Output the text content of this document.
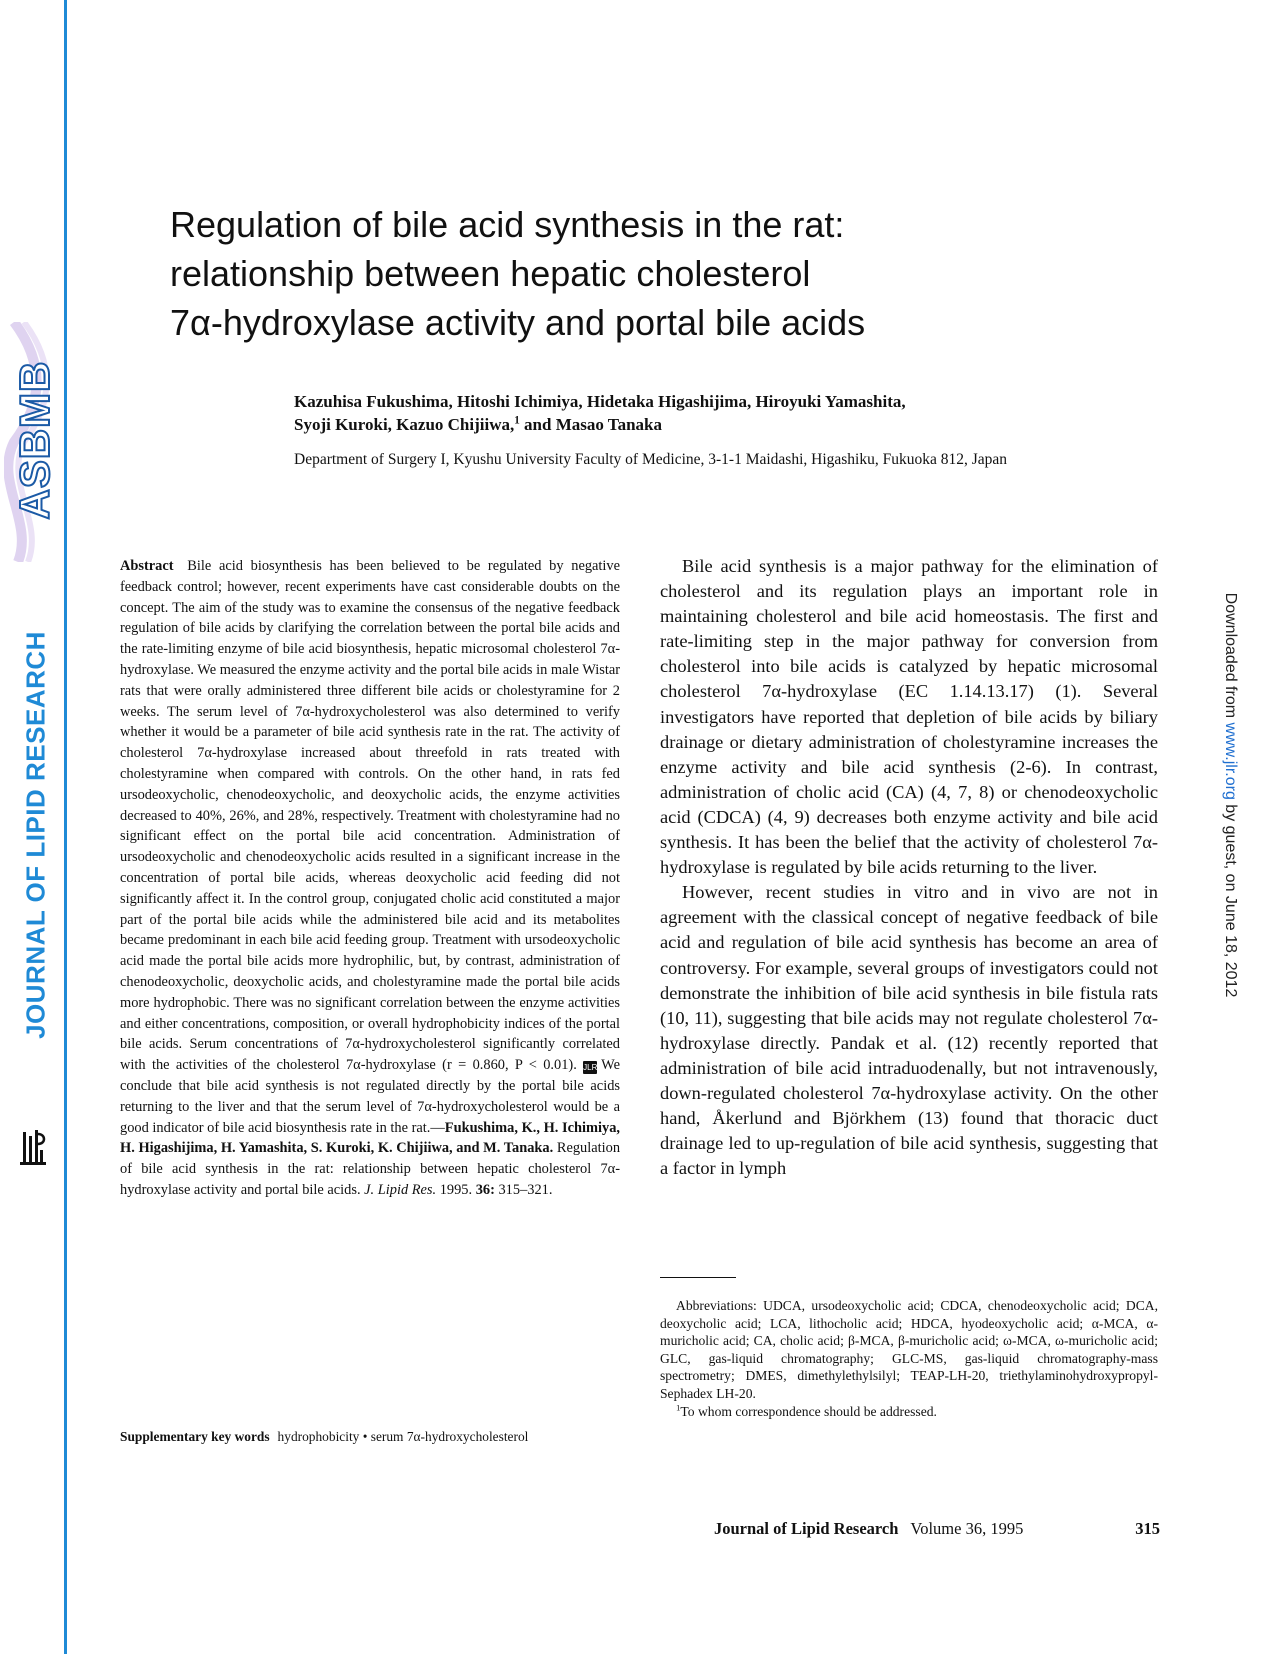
ASBMB
JOURNAL OF LIPID RESEARCH	Downloaded from www.jlr.org by guest, on June 18, 2012
Regulation of bile acid synthesis in the rat:
relationship between hepatic cholesterol
7α-hydroxylase activity and portal bile acids

Kazuhisa Fukushima, Hitoshi Ichimiya, Hidetaka Higashijima, Hiroyuki Yamashita,
Syoji Kuroki, Kazuo Chijiiwa,$^1$ and Masao Tanaka

Department of Surgery I, Kyushu University Faculty of Medicine, 3-1-1 Maidashi, Higashiku, Fukuoka 812, Japan

Abstract Bile acid biosynthesis has been believed to be regulated by negative feedback control; however, recent experiments have cast considerable doubts on the concept. The aim of the study was to examine the consensus of the negative feedback regulation of bile acids by clarifying the correlation between the portal bile acids and the rate-limiting enzyme of bile acid biosynthesis, hepatic microsomal cholesterol 7α-hydroxylase. We measured the enzyme activity and the portal bile acids in male Wistar rats that were orally administered three different bile acids or cholestyramine for 2 weeks. The serum level of 7α-hydroxycholesterol was also determined to verify whether it would be a parameter of bile acid synthesis rate in the rat. The activity of cholesterol 7α-hydroxylase increased about threefold in rats treated with cholestyramine when compared with controls. On the other hand, in rats fed ursodeoxycholic, chenodeoxycholic, and deoxycholic acids, the enzyme activities decreased to 40%, 26%, and 28%, respectively. Treatment with cholestyramine had no significant effect on the portal bile acid concentration. Administration of ursodeoxycholic and chenodeoxycholic acids resulted in a significant increase in the concentration of portal bile acids, whereas deoxycholic acid feeding did not significantly affect it. In the control group, conjugated cholic acid constituted a major part of the portal bile acids while the administered bile acid and its metabolites became predominant in each bile acid feeding group. Treatment with ursodeoxycholic acid made the portal bile acids more hydrophilic, but, by contrast, administration of chenodeoxycholic, deoxycholic acids, and cholestyramine made the portal bile acids more hydrophobic. There was no significant correlation between the enzyme activities and either concentrations, composition, or overall hydrophobicity indices of the portal bile acids. Serum concentrations of 7α-hydroxycholesterol significantly correlated with the activities of the cholesterol 7α-hydroxylase (r = 0.860, P < 0.01). JLR We conclude that bile acid synthesis is not regulated directly by the portal bile acids returning to the liver and that the serum level of 7α-hydroxycholesterol would be a good indicator of bile acid biosynthesis rate in the rat.—Fukushima, K., H. Ichimiya, H. Higashijima, H. Yamashita, S. Kuroki, K. Chijiiwa, and M. Tanaka. Regulation of bile acid synthesis in the rat: relationship between hepatic cholesterol 7α-hydroxylase activity and portal bile acids. J. Lipid Res. 1995. 36: 315–321.

Supplementary key words hydrophobicity • serum 7α-hydroxycholesterol

Bile acid synthesis is a major pathway for the elimination of cholesterol and its regulation plays an important role in maintaining cholesterol and bile acid homeostasis. The first and rate-limiting step in the major pathway for conversion from cholesterol into bile acids is catalyzed by hepatic microsomal cholesterol 7α-hydroxylase (EC 1.14.13.17) (1). Several investigators have reported that depletion of bile acids by biliary drainage or dietary administration of cholestyramine increases the enzyme activity and bile acid synthesis (2-6). In contrast, administration of cholic acid (CA) (4, 7, 8) or chenodeoxycholic acid (CDCA) (4, 9) decreases both enzyme activity and bile acid synthesis. It has been the belief that the activity of cholesterol 7α-hydroxylase is regulated by bile acids returning to the liver.

However, recent studies in vitro and in vivo are not in agreement with the classical concept of negative feedback of bile acid and regulation of bile acid synthesis has become an area of controversy. For example, several groups of investigators could not demonstrate the inhibition of bile acid synthesis in bile fistula rats (10, 11), suggesting that bile acids may not regulate cholesterol 7α-hydroxylase directly. Pandak et al. (12) recently reported that administration of bile acid intraduodenally, but not intravenously, down-regulated cholesterol 7α-hydroxylase activity. On the other hand, Åkerlund and Björkhem (13) found that thoracic duct drainage led to up-regulation of bile acid synthesis, suggesting that a factor in lymph

Abbreviations: UDCA, ursodeoxycholic acid; CDCA, chenodeoxycholic acid; DCA, deoxycholic acid; LCA, lithocholic acid; HDCA, hyodeoxycholic acid; α-MCA, α-muricholic acid; CA, cholic acid; β-MCA, β-muricholic acid; ω-MCA, ω-muricholic acid; GLC, gas-liquid chromatography; GLC-MS, gas-liquid chromatography-mass spectrometry; DMES, dimethylethylsilyl; TEAP-LH-20, triethylaminohydroxypropyl-Sephadex LH-20.

$^1$To whom correspondence should be addressed.

Journal of Lipid Research Volume 36, 1995	315
